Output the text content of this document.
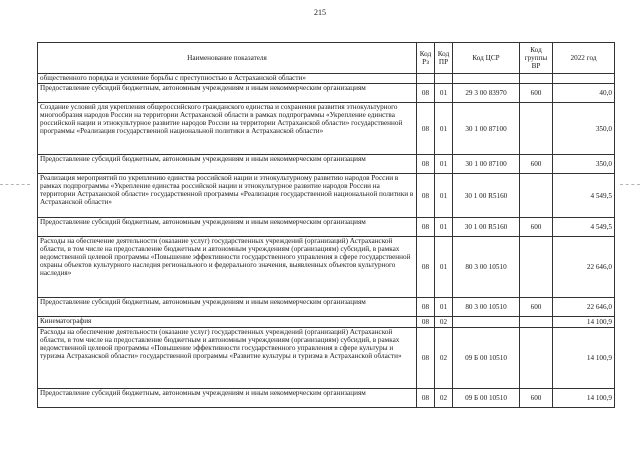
215
Наименование показателя	Код Рз	Код ПР	Код ЦСР	Код группы ВР	2022 год
общественного порядка и усиление борьбы с преступностью в Астраханской области»					
Предоставление субсидий бюджетным, автономным учреждениям и иным некоммерческим организациям	08	01	29 3 00 83970	600	40,0
Создание условий для укрепления общероссийского гражданского единства и сохранения развития этнокультурного многообразия народов России на территории Астраханской области в рамках подпрограммы «Укрепление единства российской нации и этнокультурное развитие народов России на территории Астраханской области» государственной программы «Реализация государственной национальной политики в Астраханской области»	08	01	30 1 00 87100		350,0
Предоставление субсидий бюджетным, автономным учреждениям и иным некоммерческим организациям	08	01	30 1 00 87100	600	350,0
Реализация мероприятий по укреплению единства российской нации и этнокультурному развитию народов России в рамках подпрограммы «Укрепление единства российской нации и этнокультурное развитие народов России на территории Астраханской области» государственной программы «Реализация государственной национальной политики в Астраханской области»	08	01	30 1 00 R5160		4 549,5
Предоставление субсидий бюджетным, автономным учреждениям и иным некоммерческим организациям	08	01	30 1 00 R5160	600	4 549,5
Расходы на обеспечение деятельности (оказание услуг) государственных учреждений (организаций) Астраханской области, в том числе на предоставление бюджетным и автономным учреждениям (организациям) субсидий, в рамках ведомственной целевой программы «Повышение эффективности государственного управления в сфере государственной охраны объектов культурного наследия регионального и федерального значения, выявленных объектов культурного наследия»	08	01	80 3 00 10510		22 646,0
Предоставление субсидий бюджетным, автономным учреждениям и иным некоммерческим организациям	08	01	80 3 00 10510	600	22 646,0
Кинематография	08	02			14 100,9
Расходы на обеспечение деятельности (оказание услуг) государственных учреждений (организаций) Астраханской области, в том числе на предоставление бюджетным и автономным учреждениям (организациям) субсидий, в рамках ведомственной целевой программы «Повышение эффективности государственного управления в сфере культуры и туризма Астраханской области» государственной программы «Развитие культуры и туризма в Астраханской области»	08	02	09 Б 00 10510		14 100,9
Предоставление субсидий бюджетным, автономным учреждениям и иным некоммерческим организациям	08	02	09 Б 00 10510	600	14 100,9
